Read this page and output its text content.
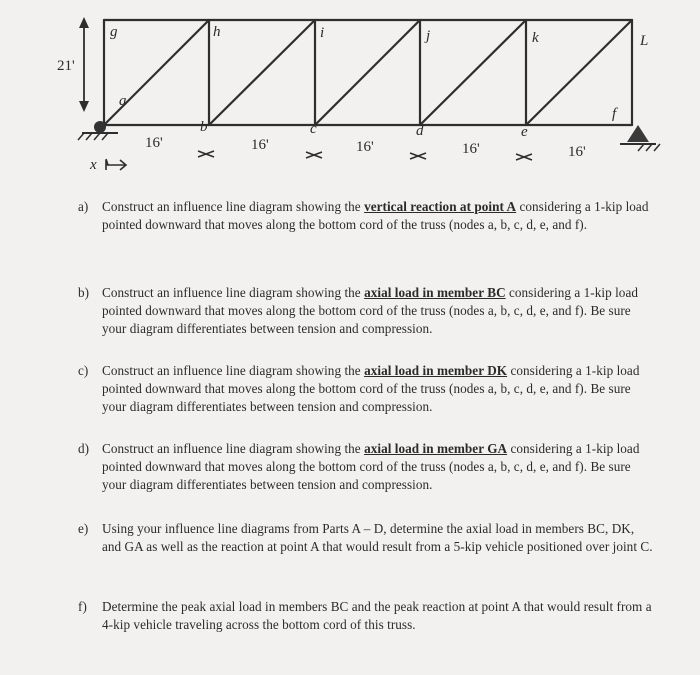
21'
16'	16'	16'	16'	16'
x
g	h	i	j	k	L
a
b	c	d	e
f
a)	Construct an influence line diagram showing the vertical reaction at point A considering a 1-kip load pointed downward that moves along the bottom cord of the truss (nodes a, b, c, d, e, and f).
b) Construct an influence line diagram showing the axial load in member BC considering a 1-kip load pointed downward that moves along the bottom cord of the truss (nodes a, b, c, d, e, and f). Be sure your diagram differentiates between tension and compression.
c)	Construct an influence line diagram showing the axial load in member DK considering a 1-kip load pointed downward that moves along the bottom cord of the truss (nodes a, b, c, d, e, and f). Be sure your diagram differentiates between tension and compression.
d) Construct an influence line diagram showing the axial load in member GA considering a 1-kip load pointed downward that moves along the bottom cord of the truss (nodes a, b, c, d, e, and f). Be sure your diagram differentiates between tension and compression.
e)	Using your influence line diagrams from Parts A – D, determine the axial load in members BC, DK, and GA as well as the reaction at point A that would result from a 5-kip vehicle positioned over joint C.
f)	Determine the peak axial load in members BC and the peak reaction at point A that would result from a 4-kip vehicle traveling across the bottom cord of this truss.
